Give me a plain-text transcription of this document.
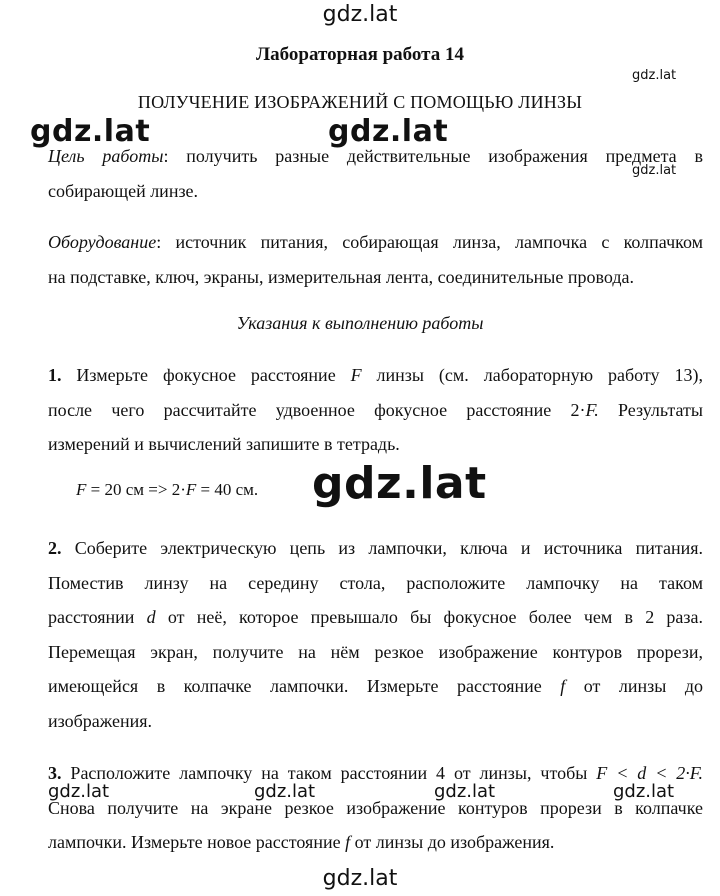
gdz.lat
gdz.lat
gdz.lat
Лабораторная работа 14
ПОЛУЧЕНИЕ ИЗОБРАЖЕНИЙ С ПОМОЩЬЮ ЛИНЗЫ
gdz.lat	gdz.lat
Цель работы: получить разные действительные изображения предмета в
собирающей линзе.
Оборудование: источник питания, собирающая линза, лампочка с колпачком
на подставке, ключ, экраны, измерительная лента, соединительные провода.
Указания к выполнению работы
1. Измерьте фокусное расстояние F линзы (см. лабораторную работу 13),
после чего рассчитайте удвоенное фокусное расстояние 2·F. Результаты
измерений и вычислений запишите в тетрадь.
F = 20 см => 2·F = 40 см. gdz.lat
2. Соберите электрическую цепь из лампочки, ключа и источника питания.
Поместив линзу на середину стола, расположите лампочку на таком
расстоянии d от неё, которое превышало бы фокусное более чем в 2 раза.
Перемещая экран, получите на нём резкое изображение контуров прорези,
имеющейся в колпачке лампочки. Измерьте расстояние f от линзы до
изображения.
3. Расположите лампочку на таком расстоянии 4 от линзы, чтобы F < d < 2·F.
Снова получите на экране резкое изображение контуров прорези в колпачке
лампочки. Измерьте новое расстояние f от линзы до изображения.
gdz.lat	gdz.lat	gdz.lat	gdz.lat
gdz.lat
